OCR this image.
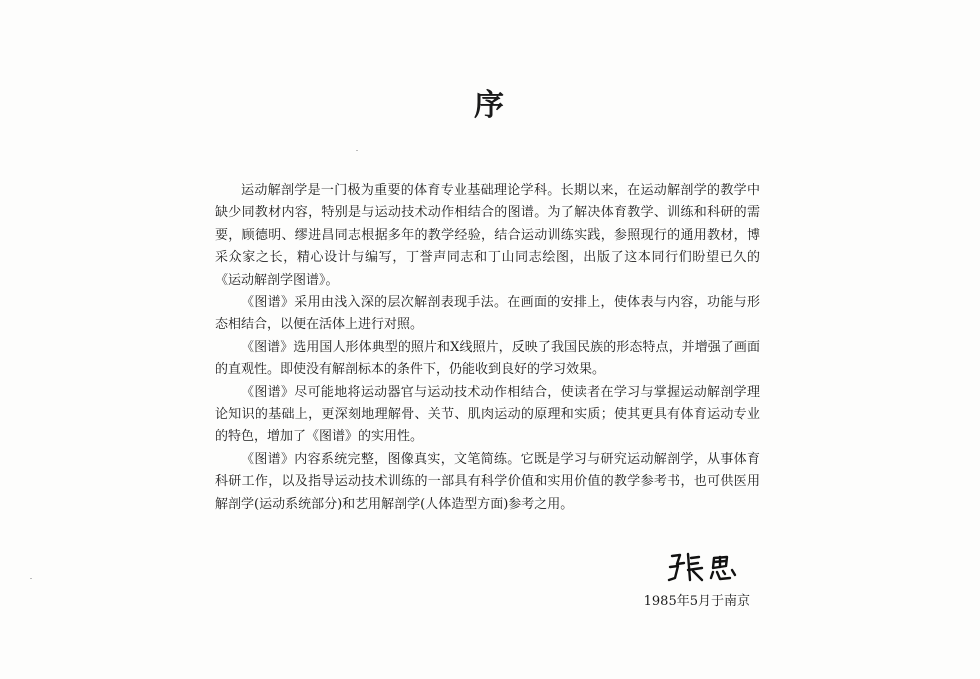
序

运动解剖学是一门极为重要的体育专业基础理论学科。长期以来，在运动解剖学的教学中缺少同教材内容，特别是与运动技术动作相结合的图谱。为了解决体育教学、训练和科研的需要，顾德明、缪进昌同志根据多年的教学经验，结合运动训练实践，参照现行的通用教材，博采众家之长，精心设计与编写，丁誉声同志和丁山同志绘图，出版了这本同行们盼望已久的《运动解剖学图谱》。

《图谱》采用由浅入深的层次解剖表现手法。在画面的安排上，使体表与内容，功能与形态相结合，以便在活体上进行对照。

《图谱》选用国人形体典型的照片和X线照片，反映了我国民族的形态特点，并增强了画面的直观性。即使没有解剖标本的条件下，仍能收到良好的学习效果。

《图谱》尽可能地将运动器官与运动技术动作相结合，使读者在学习与掌握运动解剖学理论知识的基础上，更深刻地理解骨、关节、肌肉运动的原理和实质；使其更具有体育运动专业的特色，增加了《图谱》的实用性。

《图谱》内容系统完整，图像真实，文笔简练。它既是学习与研究运动解剖学，从事体育科研工作，以及指导运动技术训练的一部具有科学价值和实用价值的教学参考书，也可供医用解剖学(运动系统部分)和艺用解剖学(人体造型方面)参考之用。

1985年5月于南京
